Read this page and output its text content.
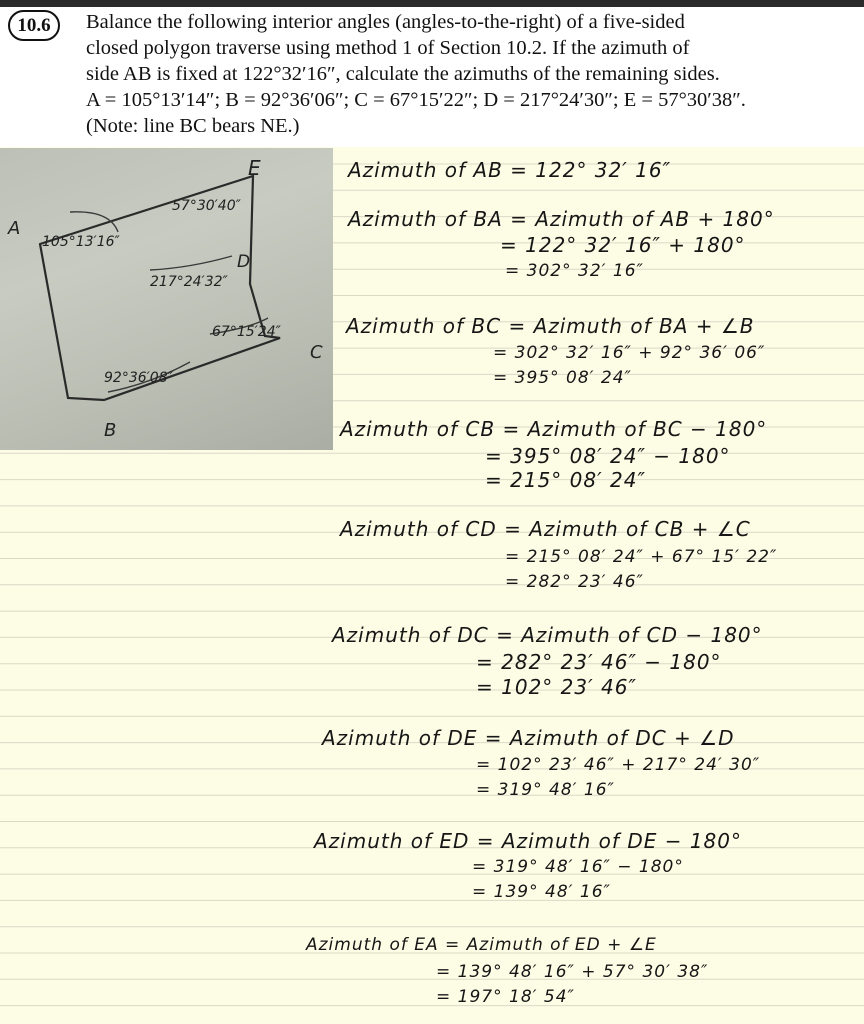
10.6	Balance the following interior angles (angles-to-the-right) of a five-sided
closed polygon traverse using method 1 of Section 10.2. If the azimuth of
side AB is fixed at 122°32′16″, calculate the azimuths of the remaining sides.
A = 105°13′14″; B = 92°36′06″; C = 67°15′22″; D = 217°24′30″; E = 57°30′38″.
(Note: line BC bears NE.)
E
A
D
C
B
57°30′40″
105°13′16″
217°24′32″
67°15′24″
92°36′08″
Azimuth of AB = 122° 32′ 16″
Azimuth of BA = Azimuth of AB + 180°
= 122° 32′ 16″ + 180°
= 302° 32′ 16″
Azimuth of BC = Azimuth of BA + ∠B
= 302° 32′ 16″ + 92° 36′ 06″
= 395° 08′ 24″
Azimuth of CB = Azimuth of BC − 180°
= 395° 08′ 24″ − 180°
= 215° 08′ 24″
Azimuth of CD = Azimuth of CB + ∠C
= 215° 08′ 24″ + 67° 15′ 22″
= 282° 23′ 46″
Azimuth of DC = Azimuth of CD − 180°
= 282° 23′ 46″ − 180°
= 102° 23′ 46″
Azimuth of DE = Azimuth of DC + ∠D
= 102° 23′ 46″ + 217° 24′ 30″
= 319° 48′ 16″
Azimuth of ED = Azimuth of DE − 180°
= 319° 48′ 16″ − 180°
= 139° 48′ 16″
Azimuth of EA = Azimuth of ED + ∠E
= 139° 48′ 16″ + 57° 30′ 38″
= 197° 18′ 54″
